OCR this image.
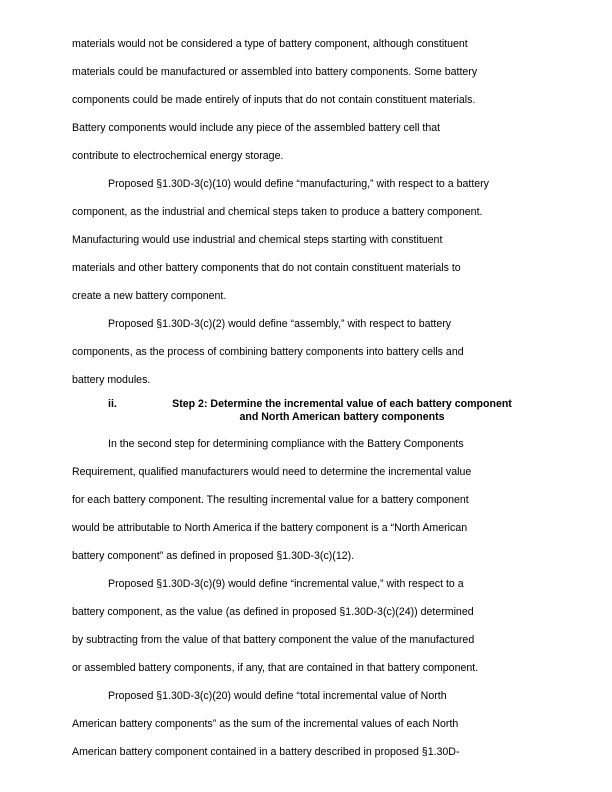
materials would not be considered a type of battery component, although constituent
materials could be manufactured or assembled into battery components. Some battery
components could be made entirely of inputs that do not contain constituent materials.
Battery components would include any piece of the assembled battery cell that
contribute to electrochemical energy storage.
Proposed §1.30D-3(c)(10) would define “manufacturing,” with respect to a battery
component, as the industrial and chemical steps taken to produce a battery component.
Manufacturing would use industrial and chemical steps starting with constituent
materials and other battery components that do not contain constituent materials to
create a new battery component.
Proposed §1.30D-3(c)(2) would define “assembly,” with respect to battery
components, as the process of combining battery components into battery cells and
battery modules.
ii.	Step 2: Determine the incremental value of each battery component
and North American battery components
In the second step for determining compliance with the Battery Components
Requirement, qualified manufacturers would need to determine the incremental value
for each battery component. The resulting incremental value for a battery component
would be attributable to North America if the battery component is a “North American
battery component” as defined in proposed §1.30D-3(c)(12).
Proposed §1.30D-3(c)(9) would define “incremental value,” with respect to a
battery component, as the value (as defined in proposed §1.30D-3(c)(24)) determined
by subtracting from the value of that battery component the value of the manufactured
or assembled battery components, if any, that are contained in that battery component.
Proposed §1.30D-3(c)(20) would define “total incremental value of North
American battery components” as the sum of the incremental values of each North
American battery component contained in a battery described in proposed §1.30D-
